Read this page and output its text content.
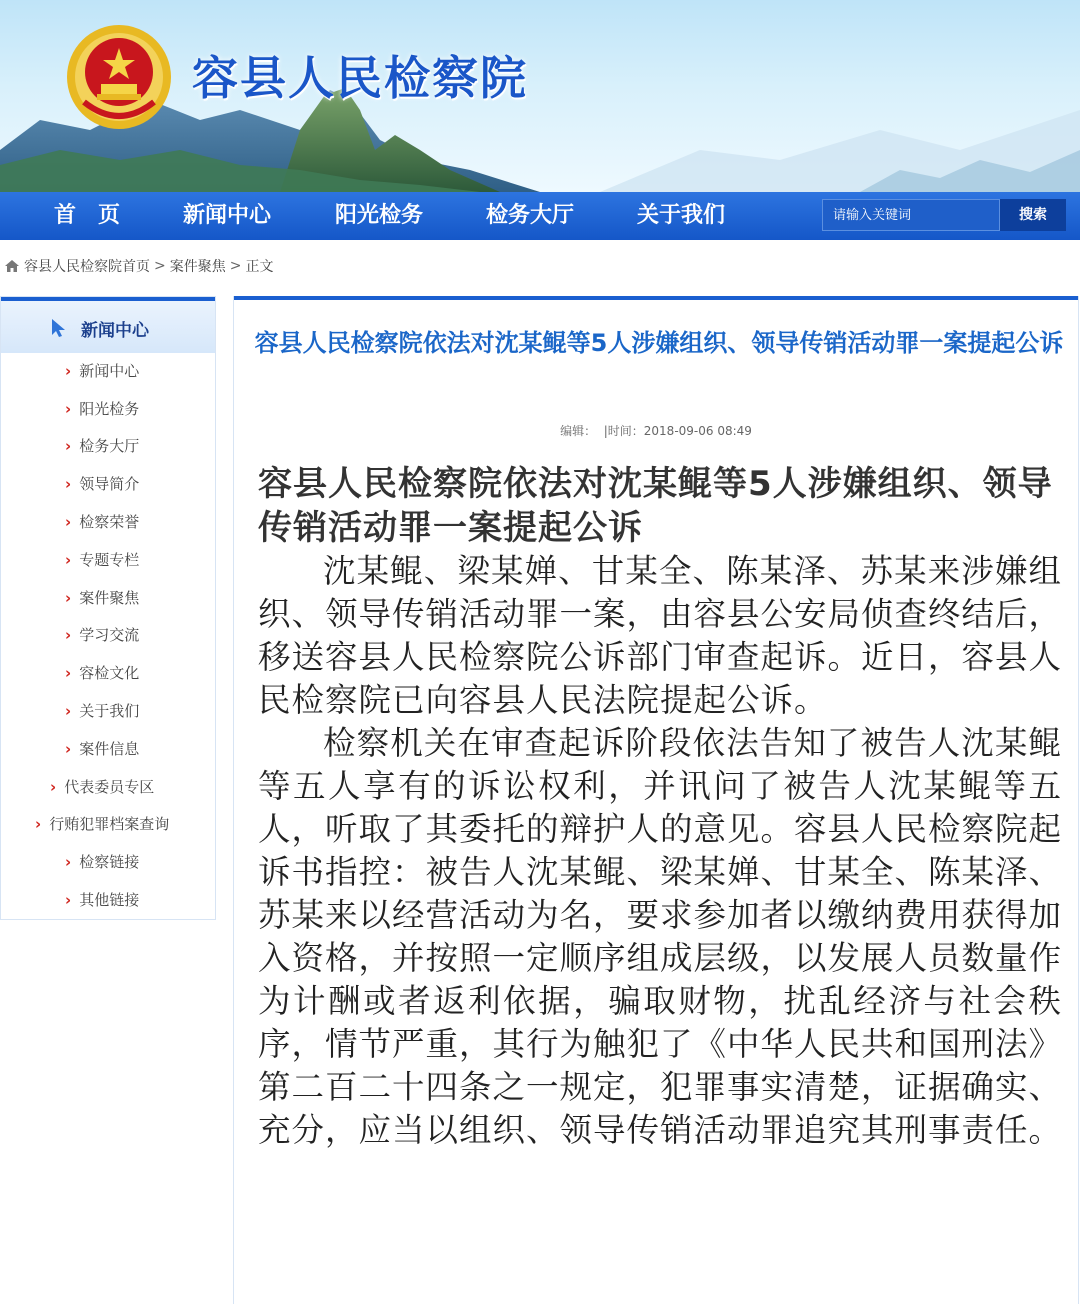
容县人民检察院
首　页	新闻中心	阳光检务	检务大厅	关于我们
请输入关键词	搜索
容县人民检察院首页 > 案件聚焦 > 正文
新闻中心
› 新闻中心
› 阳光检务
› 检务大厅
› 领导简介
› 检察荣誉
› 专题专栏
› 案件聚焦
› 学习交流
› 容检文化
› 关于我们
› 案件信息
› 代表委员专区
› 行贿犯罪档案查询
› 检察链接
› 其他链接
容县人民检察院依法对沈某鲲等5人涉嫌组织、领导传销活动罪一案提起公诉
编辑： |时间：2018-09-06 08:49
容县人民检察院依法对沈某鲲等5人涉嫌组织、领导传销活动罪一案提起公诉

沈某鲲、梁某婵、甘某全、陈某泽、苏某来涉嫌组织、领导传销活动罪一案，由容县公安局侦查终结后，移送容县人民检察院公诉部门审查起诉。近日，容县人民检察院已向容县人民法院提起公诉。

检察机关在审查起诉阶段依法告知了被告人沈某鲲等五人享有的诉讼权利，并讯问了被告人沈某鲲等五人，听取了其委托的辩护人的意见。容县人民检察院起诉书指控：被告人沈某鲲、梁某婵、甘某全、陈某泽、苏某来以经营活动为名，要求参加者以缴纳费用获得加入资格，并按照一定顺序组成层级，以发展人员数量作为计酬或者返利依据，骗取财物，扰乱经济与社会秩序，情节严重，其行为触犯了《中华人民共和国刑法》第二百二十四条之一规定，犯罪事实清楚，证据确实、充分，应当以组织、领导传销活动罪追究其刑事责任。
